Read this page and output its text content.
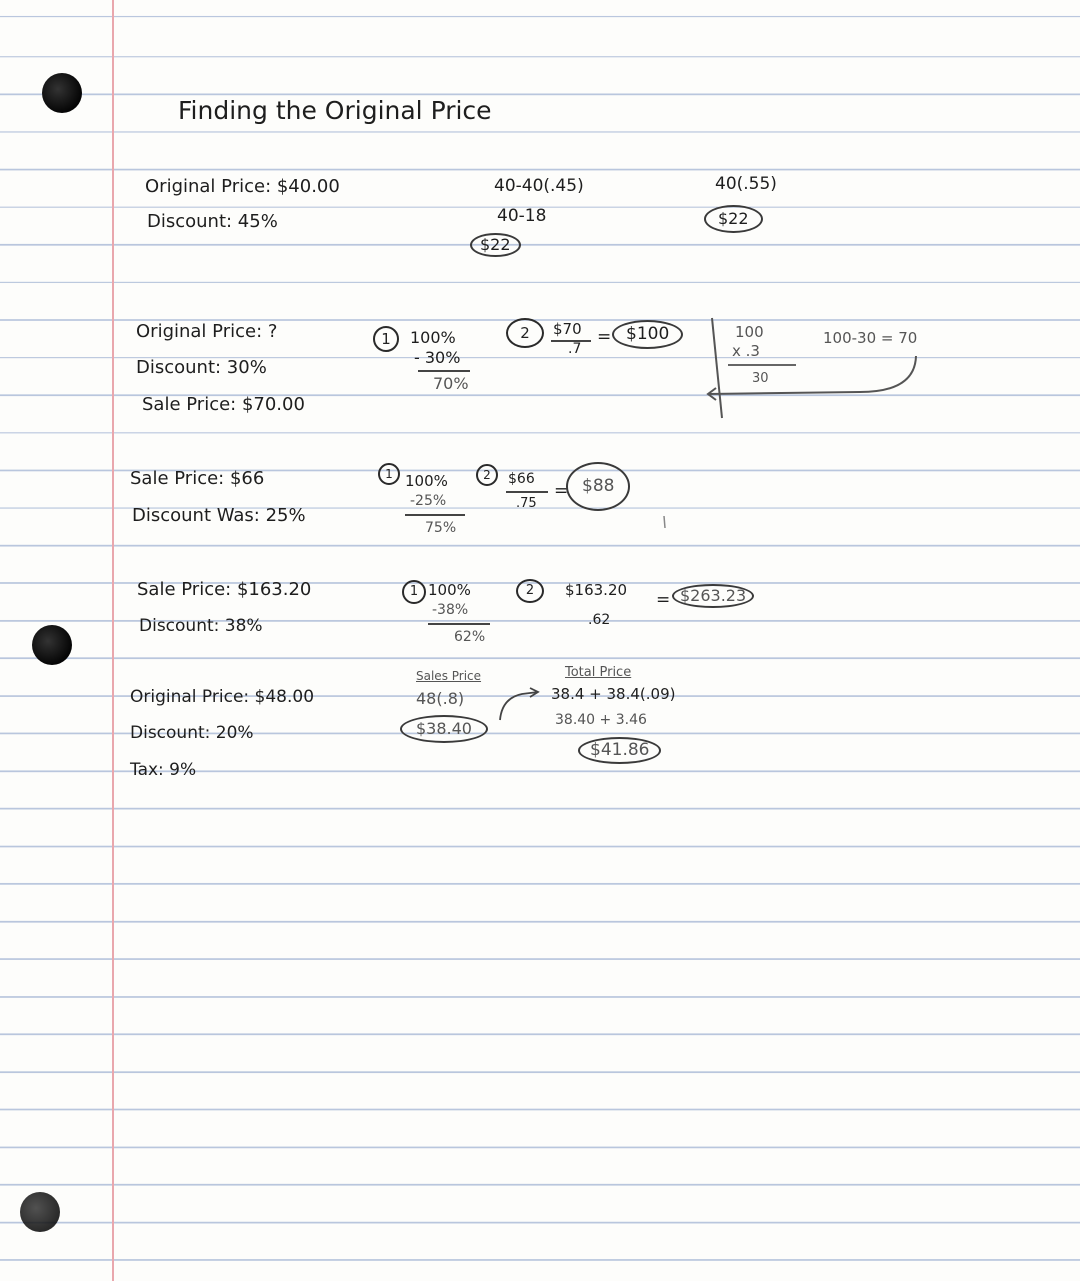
Finding the Original Price
Original Price: $40.00
Discount: 45%
40-40(.45)
40-18
$22
40(.55)
$22
Original Price: ?
Discount: 30%
Sale Price: $70.00
1	100%
- 30%
70%
2	$70
.7
= $100	100
x .3
30
100-30 = 70
Sale Price: $66
Discount Was: 25%
1 100%
-25%
75%
2	$66
.75
= $88
Sale Price: $163.20
Discount: 38%
1 100%
-38%
62%
2	$163.20
.62
= $263.23
Original Price: $48.00
Discount: 20%
Tax: 9%
Sales Price
48(.8)
$38.40
Total Price
38.4 + 38.4(.09)
38.40 + 3.46
$41.86
